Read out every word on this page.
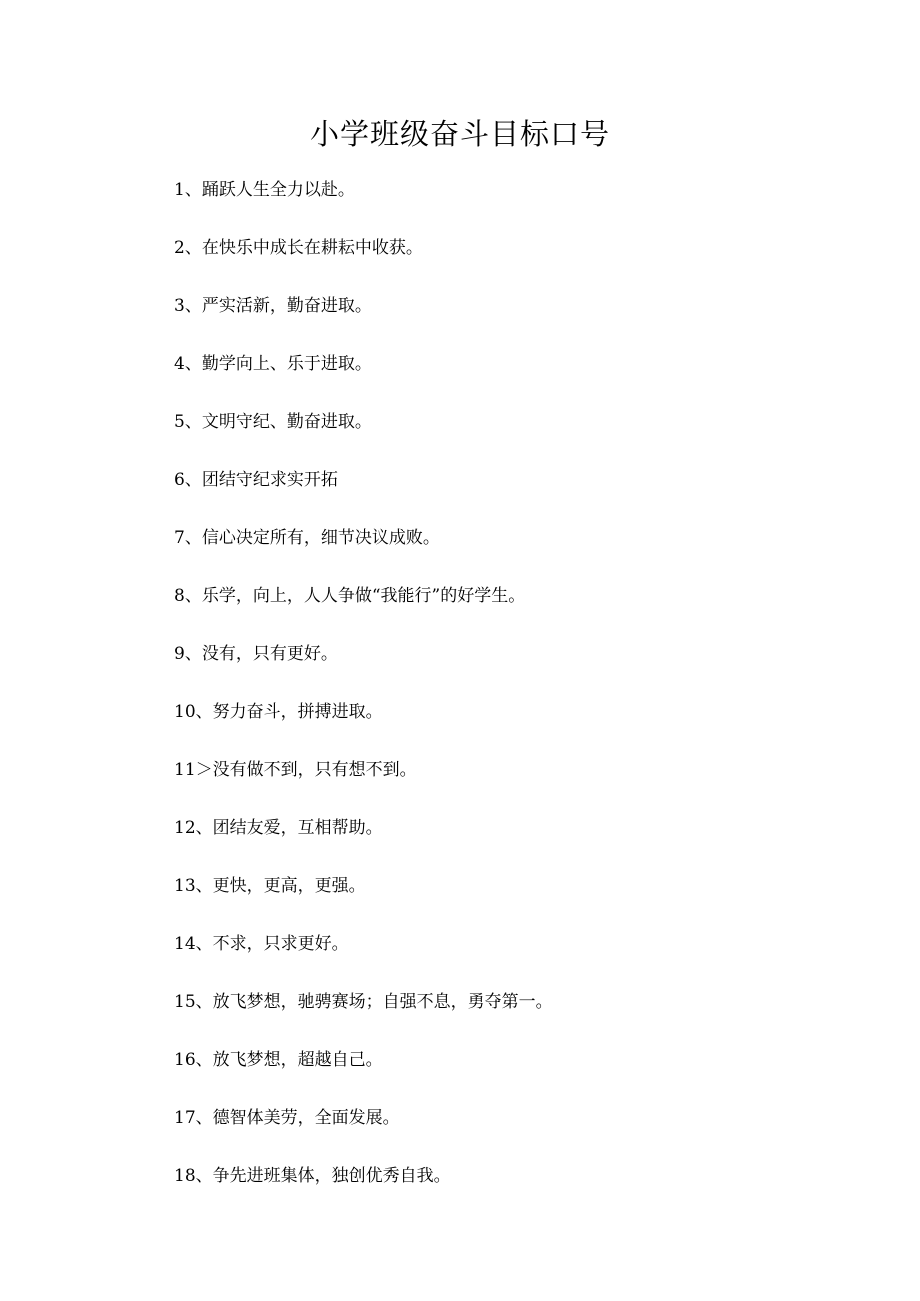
小学班级奋斗目标口号
1、踊跃人生全力以赴。
2、在快乐中成长在耕耘中收获。
3、严实活新，勤奋进取。
4、勤学向上、乐于进取。
5、文明守纪、勤奋进取。
6、团结守纪求实开拓
7、信心决定所有，细节决议成败。
8、乐学，向上，人人争做“我能行”的好学生。
9、没有，只有更好。
10、努力奋斗，拼搏进取。
11＞没有做不到，只有想不到。
12、团结友爱，互相帮助。
13、更快，更高，更强。
14、不求，只求更好。
15、放飞梦想，驰骋赛场；自强不息，勇夺第一。
16、放飞梦想，超越自己。
17、德智体美劳，全面发展。
18、争先进班集体，独创优秀自我。
